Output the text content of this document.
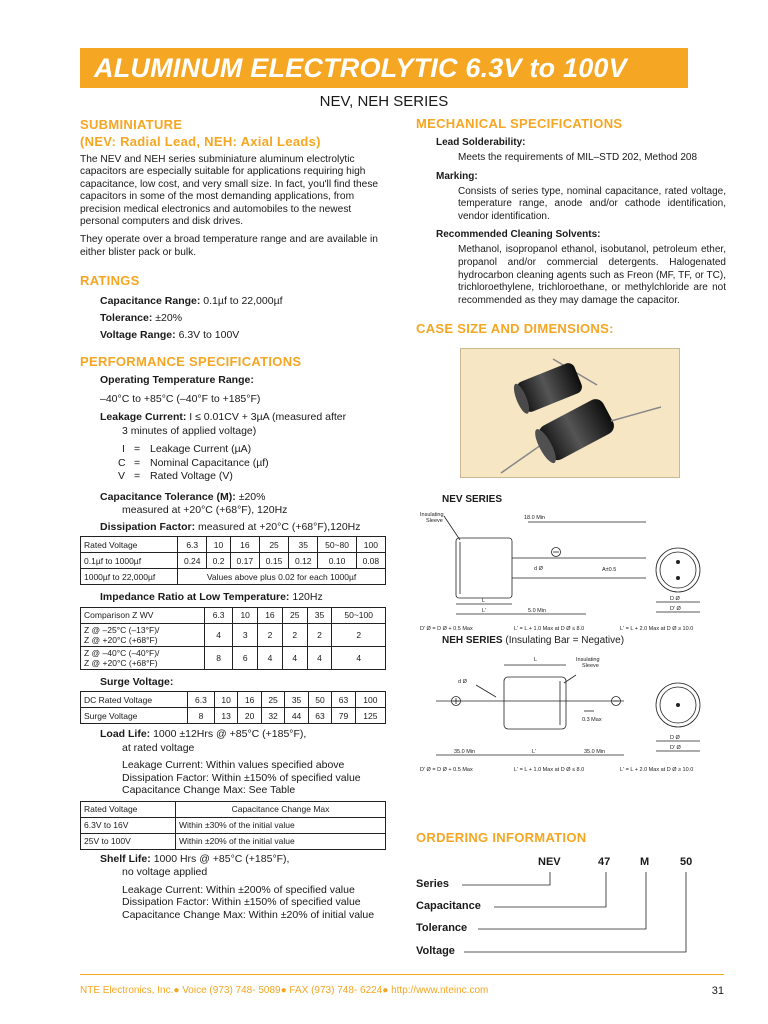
ALUMINUM ELECTROLYTIC 6.3V to 100V
NEV, NEH SERIES
SUBMINIATURE
(NEV: Radial Lead, NEH: Axial Leads)

The NEV and NEH series subminiature aluminum electrolytic capacitors are especially suitable for applications requiring high capacitance, low cost, and very small size. In fact, you'll find these capacitors in some of the most demanding applications, from precision medical electronics and automobiles to the newest personal computers and disk drives.

They operate over a broad temperature range and are available in either blister pack or bulk.

RATINGS
Capacitance Range: 0.1µf to 22,000µf
Tolerance: ±20%
Voltage Range: 6.3V to 100V
PERFORMANCE SPECIFICATIONS
Operating Temperature Range:
–40°C to +85°C (–40°F to +185°F)
Leakage Current: I ≤ 0.01CV + 3µA (measured after
3 minutes of applied voltage)
I = Leakage Current (µA)
C = Nominal Capacitance (µf)
V = Rated Voltage (V)
Capacitance Tolerance (M): ±20%
measured at +20°C (+68°F), 120Hz
Dissipation Factor: measured at +20°C (+68°F),120Hz
Rated Voltage	6.3	10	16	25	35	50~80	100
0.1µf to 1000µf	0.24	0.2	0.17	0.15	0.12	0.10	0.08
1000µf to 22,000µf	Values above plus 0.02 for each 1000µf						
Impedance Ratio at Low Temperature: 120Hz
Comparison Z WV	6.3	10	16	25	35	50~100
Z @ –25°C (–13°F)/
Z @ +20°C (+68°F)	4	3	2	2	2	2
Z @ –40°C (–40°F)/
Z @ +20°C (+68°F)	8	6	4	4	4	4
Surge Voltage:
DC Rated Voltage	6.3	10	16	25	35	50	63	100
Surge Voltage	8	13	20	32	44	63	79	125
Load Life: 1000 ±12Hrs @ +85°C (+185°F),
at rated voltage
Leakage Current: Within values specified above
Dissipation Factor: Within ±150% of specified value
Capacitance Change Max: See Table
Rated Voltage	Capacitance Change Max
6.3V to 16V	Within ±30% of the initial value
25V to 100V	Within ±20% of the initial value
Shelf Life: 1000 Hrs @ +85°C (+185°F),
no voltage applied
Leakage Current: Within ±200% of specified value
Dissipation Factor: Within ±150% of specified value
Capacitance Change Max: Within ±20% of initial value
MECHANICAL SPECIFICATIONS
Lead Solderability:
Meets the requirements of MIL–STD 202, Method 208
Marking:
Consists of series type, nominal capacitance, rated voltage, temperature range, anode and/or cathode identification, vendor identification.
Recommended Cleaning Solvents:
Methanol, isopropanol ethanol, isobutanol, petroleum ether, propanol and/or commercial detergents. Halogenated hydrocarbon cleaning agents such as Freon (MF, TF, or TC), trichloroethylene, trichloroethane, or methylchloride are not recommended as they may damage the capacitor.
CASE SIZE AND DIMENSIONS:
NEV SERIES
Insulating
Sleeve	18.0 Min
d Ø	A±0.5
L
L'	5.0 Min
D Ø
D' Ø
D' Ø = D Ø + 0.5 Max	L' = L + 1.0 Max at D Ø ≤ 8.0	L' = L + 2.0 Max at D Ø ≥ 10.0
NEH SERIES (Insulating Bar = Negative)
L	Insulating
Sleeve
d Ø
0.3 Max
35.0 Min	L'	35.0 Min
D Ø
D' Ø
D' Ø = D Ø + 0.5 Max	L' = L + 1.0 Max at D Ø ≤ 8.0	L' = L + 2.0 Max at D Ø ≥ 10.0
ORDERING INFORMATION
NEV	47	M	50
Series
Capacitance
Tolerance
Voltage
NTE Electronics, Inc.● Voice (973) 748- 5089● FAX (973) 748- 6224● http://www.nteinc.com	31
